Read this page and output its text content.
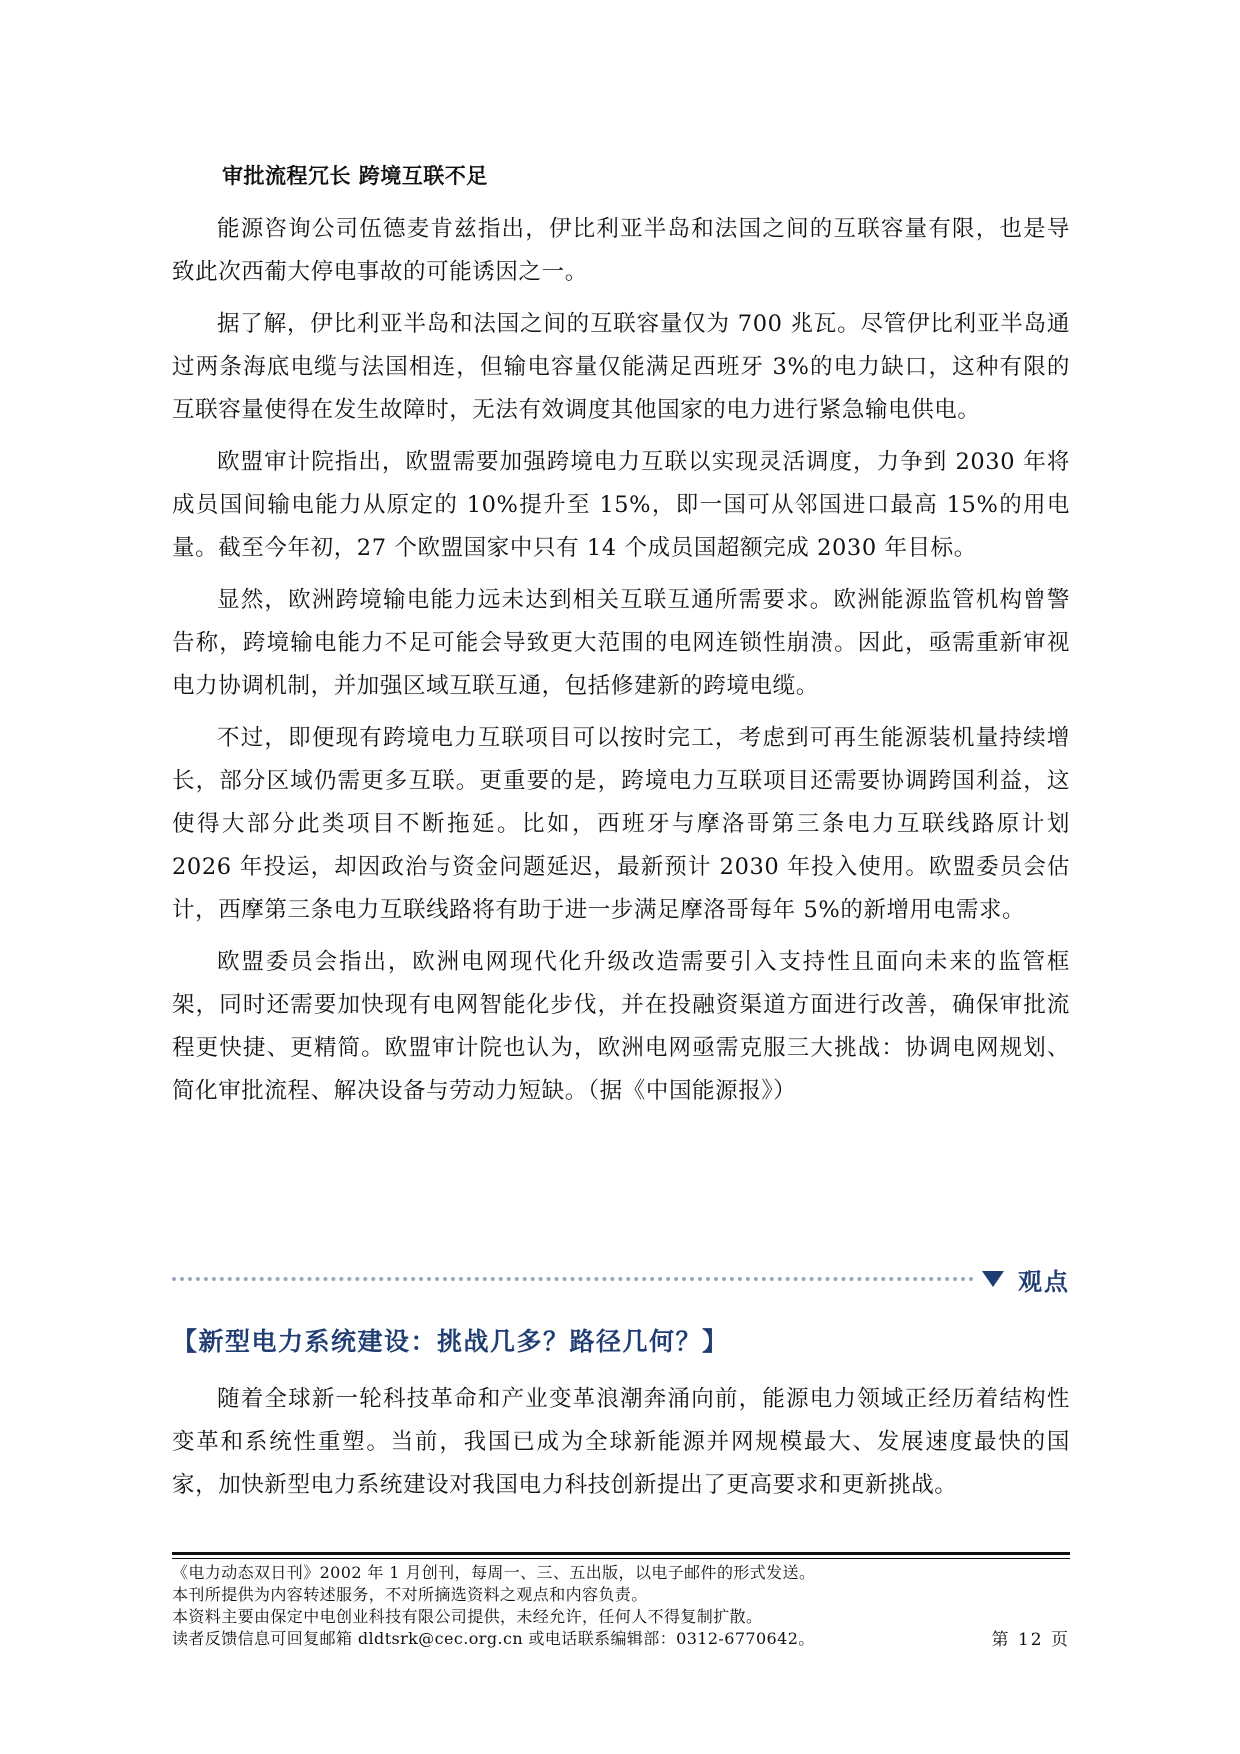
审批流程冗长 跨境互联不足

能源咨询公司伍德麦肯兹指出，伊比利亚半岛和法国之间的互联容量有限，也是导致此次西葡大停电事故的可能诱因之一。

据了解，伊比利亚半岛和法国之间的互联容量仅为 700 兆瓦。尽管伊比利亚半岛通过两条海底电缆与法国相连，但输电容量仅能满足西班牙 3%的电力缺口，这种有限的互联容量使得在发生故障时，无法有效调度其他国家的电力进行紧急输电供电。

欧盟审计院指出，欧盟需要加强跨境电力互联以实现灵活调度，力争到 2030 年将成员国间输电能力从原定的 10%提升至 15%，即一国可从邻国进口最高 15%的用电量。截至今年初，27 个欧盟国家中只有 14 个成员国超额完成 2030 年目标。

显然，欧洲跨境输电能力远未达到相关互联互通所需要求。欧洲能源监管机构曾警告称，跨境输电能力不足可能会导致更大范围的电网连锁性崩溃。因此，亟需重新审视电力协调机制，并加强区域互联互通，包括修建新的跨境电缆。

不过，即便现有跨境电力互联项目可以按时完工，考虑到可再生能源装机量持续增长，部分区域仍需更多互联。更重要的是，跨境电力互联项目还需要协调跨国利益，这使得大部分此类项目不断拖延。比如，西班牙与摩洛哥第三条电力互联线路原计划 2026 年投运，却因政治与资金问题延迟，最新预计 2030 年投入使用。欧盟委员会估计，西摩第三条电力互联线路将有助于进一步满足摩洛哥每年 5%的新增用电需求。

欧盟委员会指出，欧洲电网现代化升级改造需要引入支持性且面向未来的监管框架，同时还需要加快现有电网智能化步伐，并在投融资渠道方面进行改善，确保审批流程更快捷、更精简。欧盟审计院也认为，欧洲电网亟需克服三大挑战：协调电网规划、简化审批流程、解决设备与劳动力短缺。（据《中国能源报》）

观点
【新型电力系统建设：挑战几多？路径几何？】

随着全球新一轮科技革命和产业变革浪潮奔涌向前，能源电力领域正经历着结构性变革和系统性重塑。当前，我国已成为全球新能源并网规模最大、发展速度最快的国家，加快新型电力系统建设对我国电力科技创新提出了更高要求和更新挑战。

《电力动态双日刊》2002 年 1 月创刊，每周一、三、五出版，以电子邮件的形式发送。
本刊所提供为内容转述服务，不对所摘选资料之观点和内容负责。
本资料主要由保定中电创业科技有限公司提供，未经允许，任何人不得复制扩散。
读者反馈信息可回复邮箱 dldtsrk@cec.org.cn 或电话联系编辑部：0312-6770642。	第 12 页
